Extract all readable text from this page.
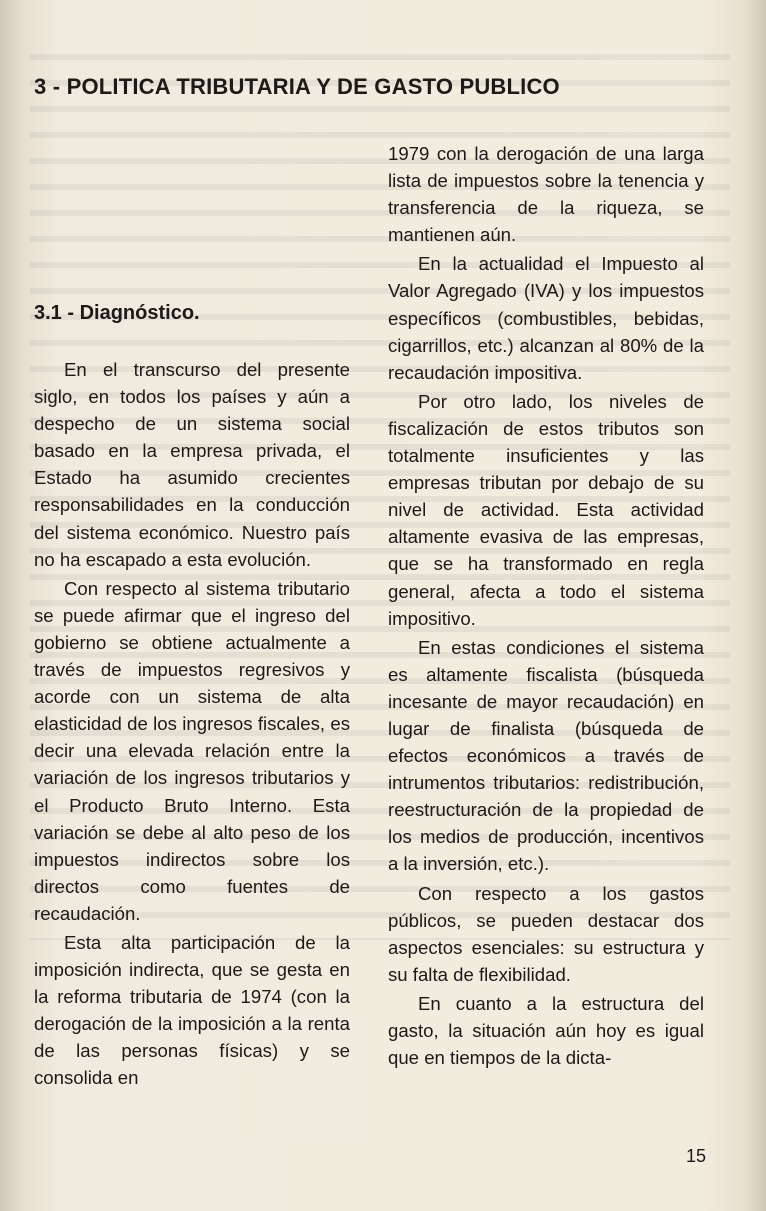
3 - POLITICA TRIBUTARIA Y DE GASTO PUBLICO
3.1 - Diagnóstico.

En el transcurso del presente siglo, en todos los países y aún a despecho de un sistema social basado en la empresa privada, el Estado ha asumido crecientes responsabilidades en la conducción del sistema económico. Nuestro país no ha escapado a esta evolución.

Con respecto al sistema tributario se puede afirmar que el ingreso del gobierno se obtiene actualmente a través de impuestos regresivos y acorde con un sistema de alta elasticidad de los ingresos fiscales, es decir una elevada relación entre la variación de los ingresos tributarios y el Producto Bruto Interno. Esta variación se debe al alto peso de los impuestos indirectos sobre los directos como fuentes de recaudación.

Esta alta participación de la imposición indirecta, que se gesta en la reforma tributaria de 1974 (con la derogación de la imposición a la renta de las personas físicas) y se consolida en

1979 con la derogación de una larga lista de impuestos sobre la tenencia y transferencia de la riqueza, se mantienen aún.

En la actualidad el Impuesto al Valor Agregado (IVA) y los impuestos específicos (combustibles, bebidas, cigarrillos, etc.) alcanzan al 80% de la recaudación impositiva.

Por otro lado, los niveles de fiscalización de estos tributos son totalmente insuficientes y las empresas tributan por debajo de su nivel de actividad. Esta actividad altamente evasiva de las empresas, que se ha transformado en regla general, afecta a todo el sistema impositivo.

En estas condiciones el sistema es altamente fiscalista (búsqueda incesante de mayor recaudación) en lugar de finalista (búsqueda de efectos económicos a través de intrumentos tributarios: redistribución, reestructuración de la propiedad de los medios de producción, incentivos a la inversión, etc.).

Con respecto a los gastos públicos, se pueden destacar dos aspectos esenciales: su estructura y su falta de flexibilidad.

En cuanto a la estructura del gasto, la situación aún hoy es igual que en tiempos de la dicta-

15
